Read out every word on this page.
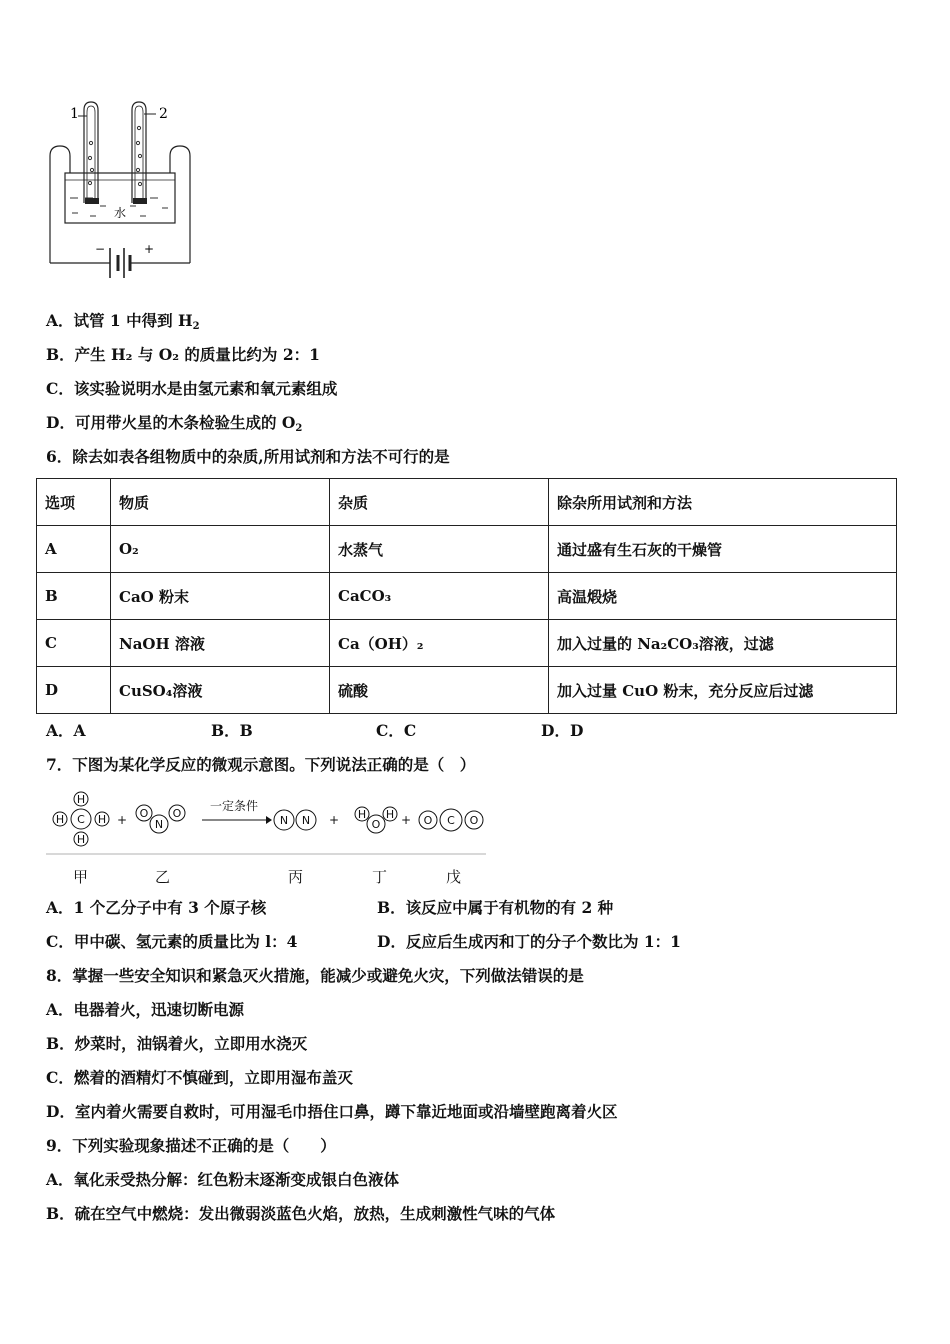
1	2
水
−	+
A．试管 1 中得到 $H_2$
B．产生 H₂ 与 O₂ 的质量比约为 2：1
C．该实验说明水是由氢元素和氧元素组成
D．可用带火星的木条检验生成的 $O_2$
6．除去如表各组物质中的杂质,所用试剂和方法不可行的是
选项	物质	杂质	除杂所用试剂和方法
A	O₂	水蒸气	通过盛有生石灰的干燥管
B	CaO 粉末	CaCO₃	高温煅烧
C	NaOH 溶液	Ca（OH）₂	加入过量的 Na₂CO₃溶液，过滤
D	CuSO₄溶液	硫酸	加入过量 CuO 粉末，充分反应后过滤
A．A	B．B	C．C	D．D
7．下图为某化学反应的微观示意图。下列说法正确的是（　）
C
H
H
H	H +	N
O O
一定条件
N N +	O
H H + O C O
甲	乙	丙	丁	戊
A．1 个乙分子中有 3 个原子核	B．该反应中属于有机物的有 2 种
C．甲中碳、氢元素的质量比为 l：4	D．反应后生成丙和丁的分子个数比为 1：1
8．掌握一些安全知识和紧急灭火措施，能减少或避免火灾，下列做法错误的是
A．电器着火，迅速切断电源
B．炒菜时，油锅着火，立即用水浇灭
C．燃着的酒精灯不慎碰到，立即用湿布盖灭
D．室内着火需要自救时，可用湿毛巾捂住口鼻，蹲下靠近地面或沿墙壁跑离着火区
9．下列实验现象描述不正确的是（　　）
A．氧化汞受热分解：红色粉末逐渐变成银白色液体
B．硫在空气中燃烧：发出微弱淡蓝色火焰，放热，生成刺激性气味的气体
